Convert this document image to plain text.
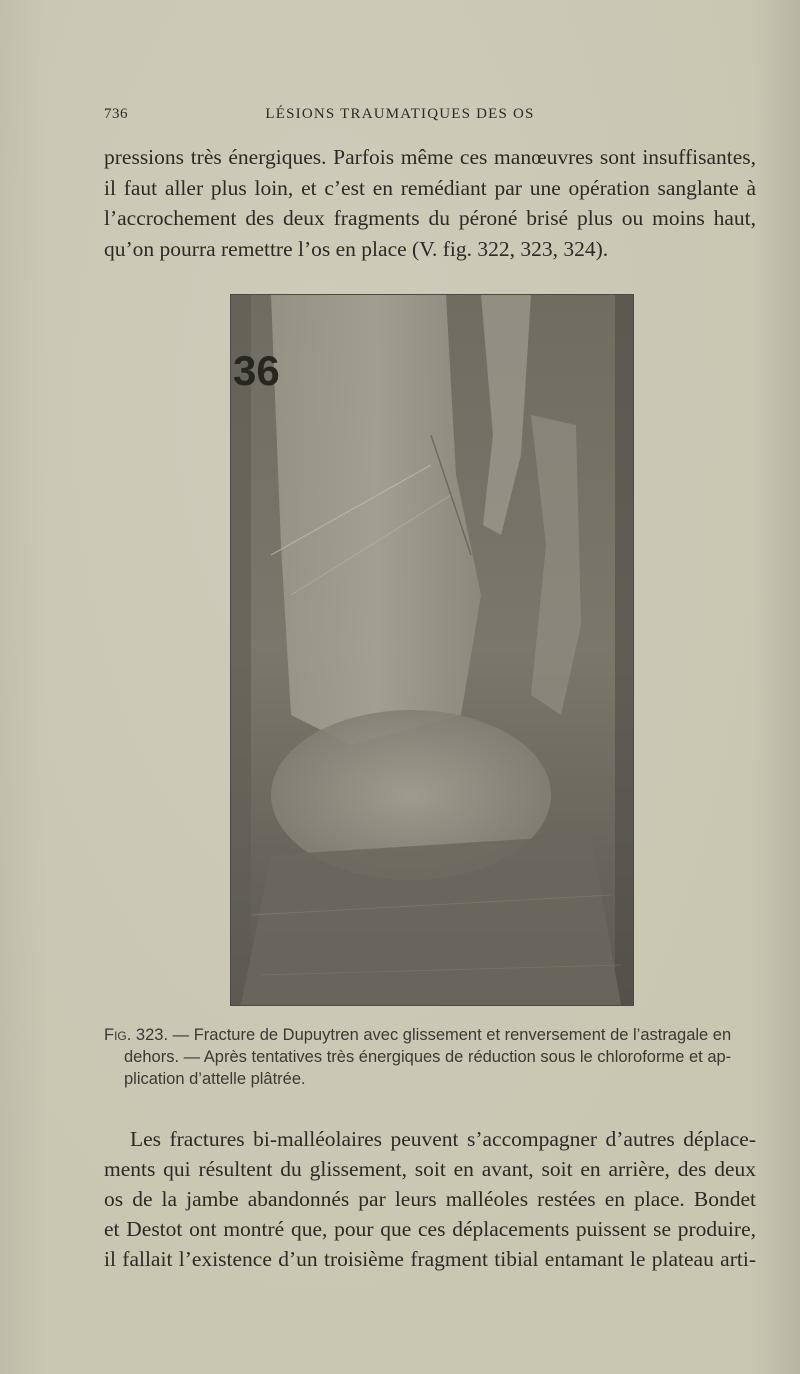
736	LÉSIONS TRAUMATIQUES DES OS
pressions très énergiques. Parfois même ces manœuvres sont insuffisantes,
il faut aller plus loin, et c’est en remédiant par une opération sanglante à
l’accrochement des deux fragments du péroné brisé plus ou moins haut,
qu’on pourra remettre l’os en place (V. fig. 322, 323, 324).
36
Fig. 323. — Fracture de Dupuytren avec glissement et renversement de l’astragale en
dehors. — Après tentatives très énergiques de réduction sous le chloroforme et ap-
plication d’attelle plâtrée.
Les fractures bi-malléolaires peuvent s’accompagner d’autres déplace-
ments qui résultent du glissement, soit en avant, soit en arrière, des deux
os de la jambe abandonnés par leurs malléoles restées en place. Bondet
et Destot ont montré que, pour que ces déplacements puissent se produire,
il fallait l’existence d’un troisième fragment tibial entamant le plateau arti-
